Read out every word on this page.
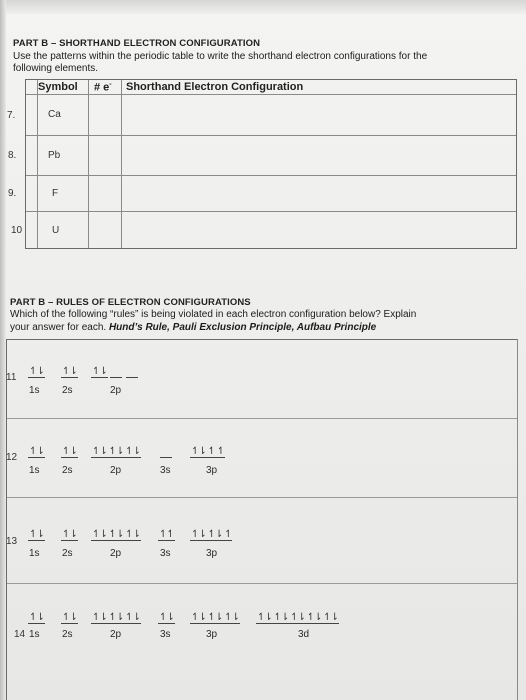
PART B – SHORTHAND ELECTRON CONFIGURATION
Use the patterns within the periodic table to write the shorthand electron configurations for the
following elements.
Symbol # e- Shorthand Electron Configuration
7.	Ca
8.	Pb
9.	F
10	U
PART B – RULES OF ELECTRON CONFIGURATIONS
Which of the following “rules” is being violated in each electron configuration below? Explain
your answer for each. Hund’s Rule, Pauli Exclusion Principle, Aufbau Principle
11
↿⇂ ↿⇂ ↿⇂
1s 2s	2p
12
↿⇂ ↿⇂ ↿⇂ ↿⇂ ↿⇂	↿⇂ ↿ ↿
1s 2s	2p	3s	3p
13
↿⇂ ↿⇂ ↿⇂ ↿⇂ ↿⇂ ↿↿ ↿⇂ ↿⇂ ↿
1s 2s	2p	3s	3p
14
↿⇂ ↿⇂ ↿⇂ ↿⇂ ↿⇂ ↿⇂ ↿⇂ ↿⇂ ↿⇂ ↿⇂ ↿⇂ ↿⇂ ↿⇂ ↿⇂
1s 2s	2p	3s	3p	3d
